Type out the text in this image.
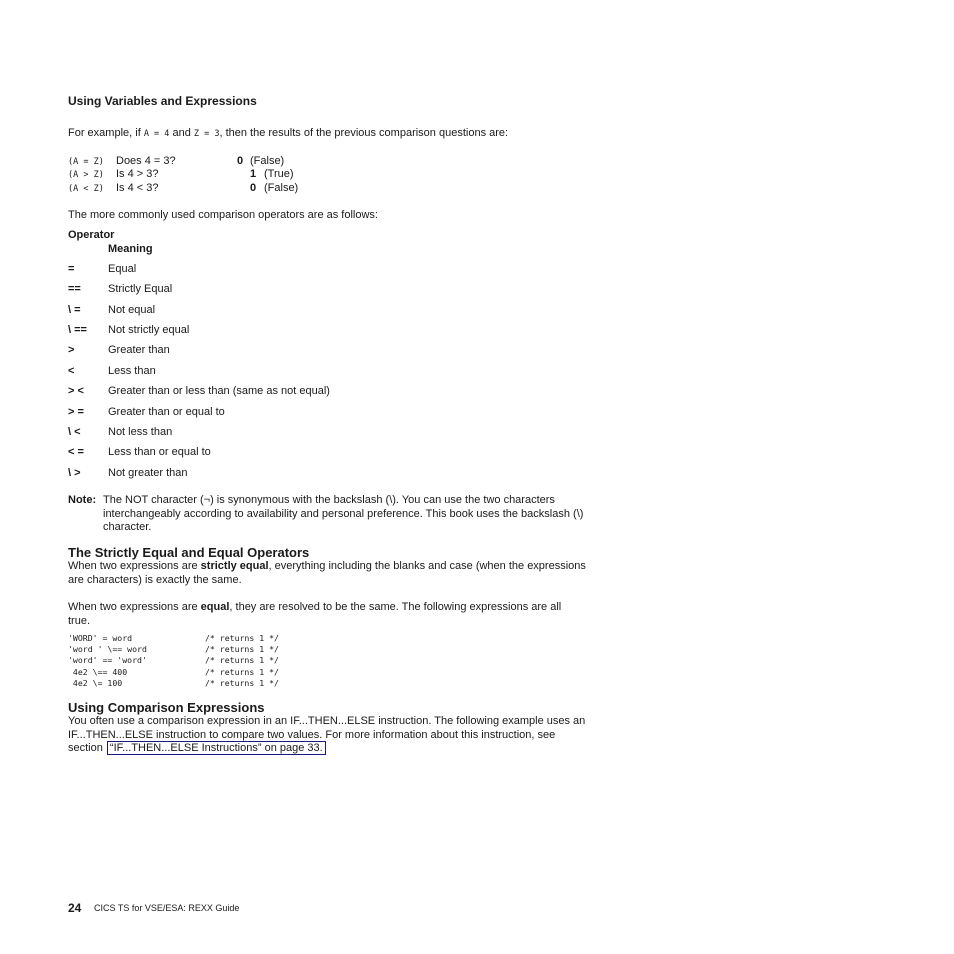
Using Variables and Expressions
For example, if A = 4 and Z = 3, then the results of the previous comparison questions are:
(A = Z) Does 4 = 3?	0 (False)
(A > Z) Is 4 > 3?	1 (True)
(A < Z) Is 4 < 3?	0 (False)
The more commonly used comparison operators are as follows:
Operator
Meaning
=	Equal
== Strictly Equal
\ = Not equal
\ == Not strictly equal
>	Greater than
<	Less than
> < Greater than or less than (same as not equal)
> = Greater than or equal to
\ < Not less than
< = Less than or equal to
\ > Not greater than
Note: The NOT character (¬) is synonymous with the backslash (\). You can use the two characters
interchangeably according to availability and personal preference. This book uses the backslash (\)
character.
The Strictly Equal and Equal Operators
When two expressions are strictly equal, everything including the blanks and case (when the expressions
are characters) is exactly the same.
When two expressions are equal, they are resolved to be the same. The following expressions are all
true.
'WORD' = word	/* returns 1 */
'word ' \== word	/* returns 1 */
'word' == 'word'	/* returns 1 */
4e2 \== 400	/* returns 1 */
4e2 \= 100	/* returns 1 */
Using Comparison Expressions
You often use a comparison expression in an IF...THEN...ELSE instruction. The following example uses an
IF...THEN...ELSE instruction to compare two values. For more information about this instruction, see
section “IF...THEN...ELSE Instructions” on page 33.
24 CICS TS for VSE/ESA: REXX Guide
